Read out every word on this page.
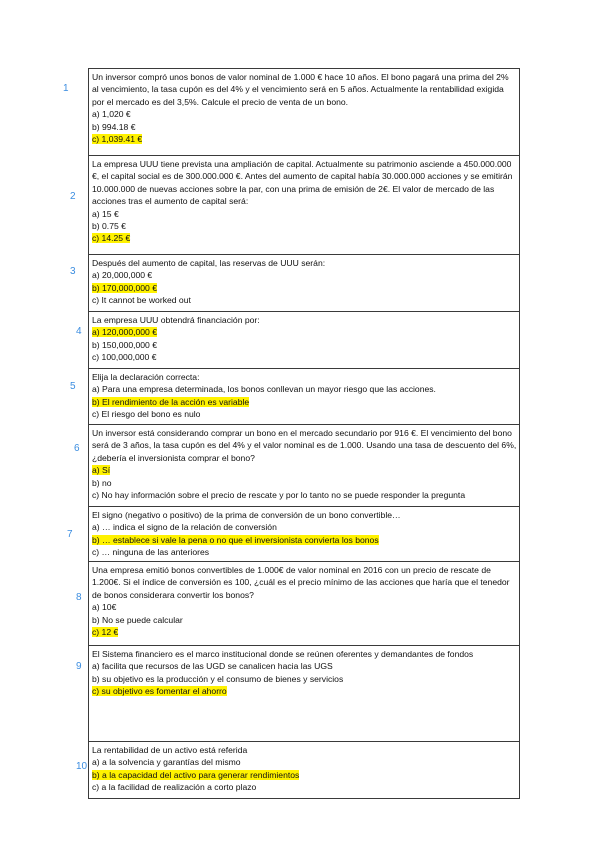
1
2
3
4
5
6
7
8
9
10
Un inversor compró unos bonos de valor nominal de 1.000 € hace 10 años. El bono pagará una prima del 2% al vencimiento, la tasa cupón es del 4% y el vencimiento será en 5 años. Actualmente la rentabilidad exigida por el mercado es del 3,5%. Calcule el precio de venta de un bono.
a) 1,020 €
b) 994.18 €
c) 1,039.41 €
La empresa UUU tiene prevista una ampliación de capital. Actualmente su patrimonio asciende a 450.000.000 €, el capital social es de 300.000.000 €. Antes del aumento de capital había 30.000.000 acciones y se emitirán 10.000.000 de nuevas acciones sobre la par, con una prima de emisión de 2€. El valor de mercado de las acciones tras el aumento de capital será:
a) 15 €
b) 0.75 €
c) 14.25 €
Después del aumento de capital, las reservas de UUU serán:
a) 20,000,000 €
b) 170,000,000 €
c) It cannot be worked out
La empresa UUU obtendrá financiación por:
a) 120,000,000 €
b) 150,000,000 €
c) 100,000,000 €
Elija la declaración correcta:
a) Para una empresa determinada, los bonos conllevan un mayor riesgo que las acciones.
b) El rendimiento de la acción es variable
c) El riesgo del bono es nulo
Un inversor está considerando comprar un bono en el mercado secundario por 916 €. El vencimiento del bono será de 3 años, la tasa cupón es del 4% y el valor nominal es de 1.000. Usando una tasa de descuento del 6%, ¿debería el inversionista comprar el bono?
a) Sí
b) no
c) No hay información sobre el precio de rescate y por lo tanto no se puede responder la pregunta
El signo (negativo o positivo) de la prima de conversión de un bono convertible…
a) … indica el signo de la relación de conversión
b) … establece si vale la pena o no que el inversionista convierta los bonos
c) … ninguna de las anteriores
Una empresa emitió bonos convertibles de 1.000€ de valor nominal en 2016 con un precio de rescate de 1.200€. Si el índice de conversión es 100, ¿cuál es el precio mínimo de las acciones que haría que el tenedor de bonos considerara convertir los bonos?
a) 10€
b) No se puede calcular
c) 12 €
El Sistema financiero es el marco institucional donde se reúnen oferentes y demandantes de fondos
a) facilita que recursos de las UGD se canalicen hacia las UGS
b) su objetivo es la producción y el consumo de bienes y servicios
c) su objetivo es fomentar el ahorro
La rentabilidad de un activo está referida
a) a la solvencia y garantías del mismo
b) a la capacidad del activo para generar rendimientos
c) a la facilidad de realización a corto plazo
